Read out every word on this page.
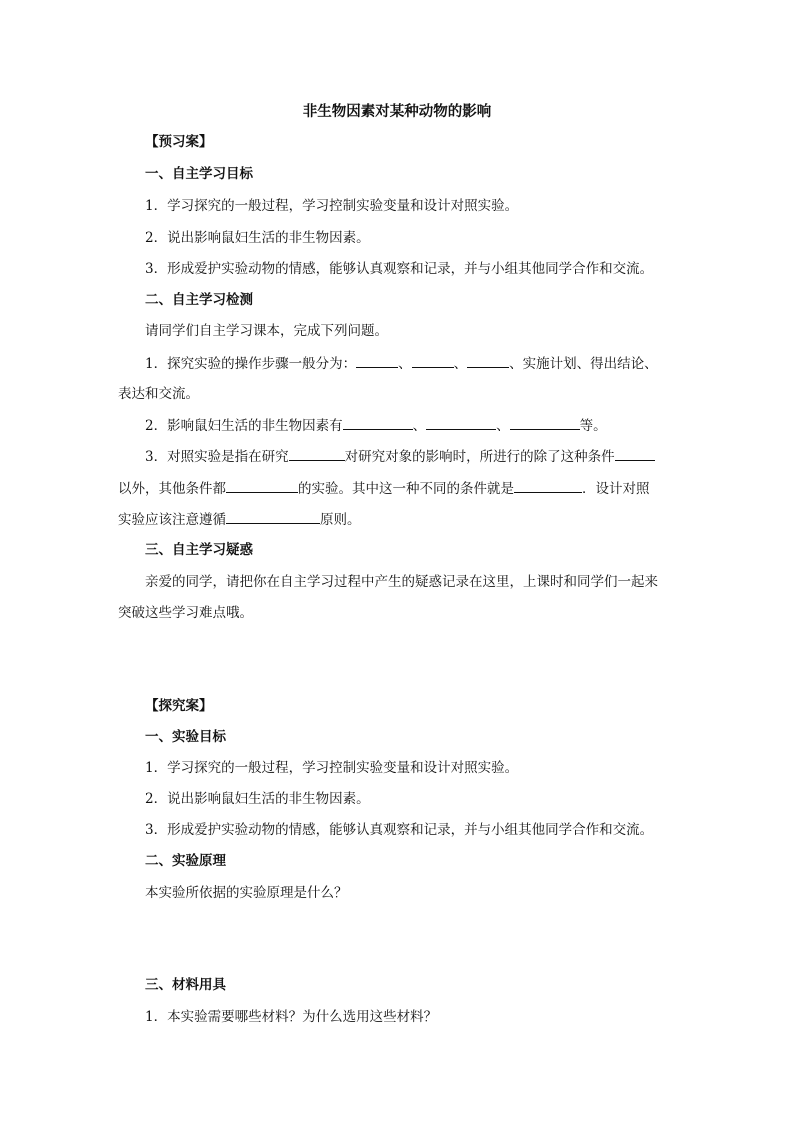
非生物因素对某种动物的影响
【预习案】
一、自主学习目标
1．学习探究的一般过程，学习控制实验变量和设计对照实验。
2．说出影响鼠妇生活的非生物因素。
3．形成爱护实验动物的情感，能够认真观察和记录，并与小组其他同学合作和交流。
二、自主学习检测
请同学们自主学习课本，完成下列问题。
1．探究实验的操作步骤一般分为：	、	、	、实施计划、得出结论、
表达和交流。
2．影响鼠妇生活的非生物因素有	、	、	等。
3．对照实验是指在研究	对研究对象的影响时，所进行的除了这种条件
以外，其他条件都	的实验。其中这一种不同的条件就是	．设计对照
实验应该注意遵循	原则。
三、自主学习疑惑
亲爱的同学，请把你在自主学习过程中产生的疑惑记录在这里，上课时和同学们一起来
突破这些学习难点哦。
【探究案】
一、实验目标
1．学习探究的一般过程，学习控制实验变量和设计对照实验。
2．说出影响鼠妇生活的非生物因素。
3．形成爱护实验动物的情感，能够认真观察和记录，并与小组其他同学合作和交流。
二、实验原理
本实验所依据的实验原理是什么？
三、材料用具
1．本实验需要哪些材料？为什么选用这些材料？
